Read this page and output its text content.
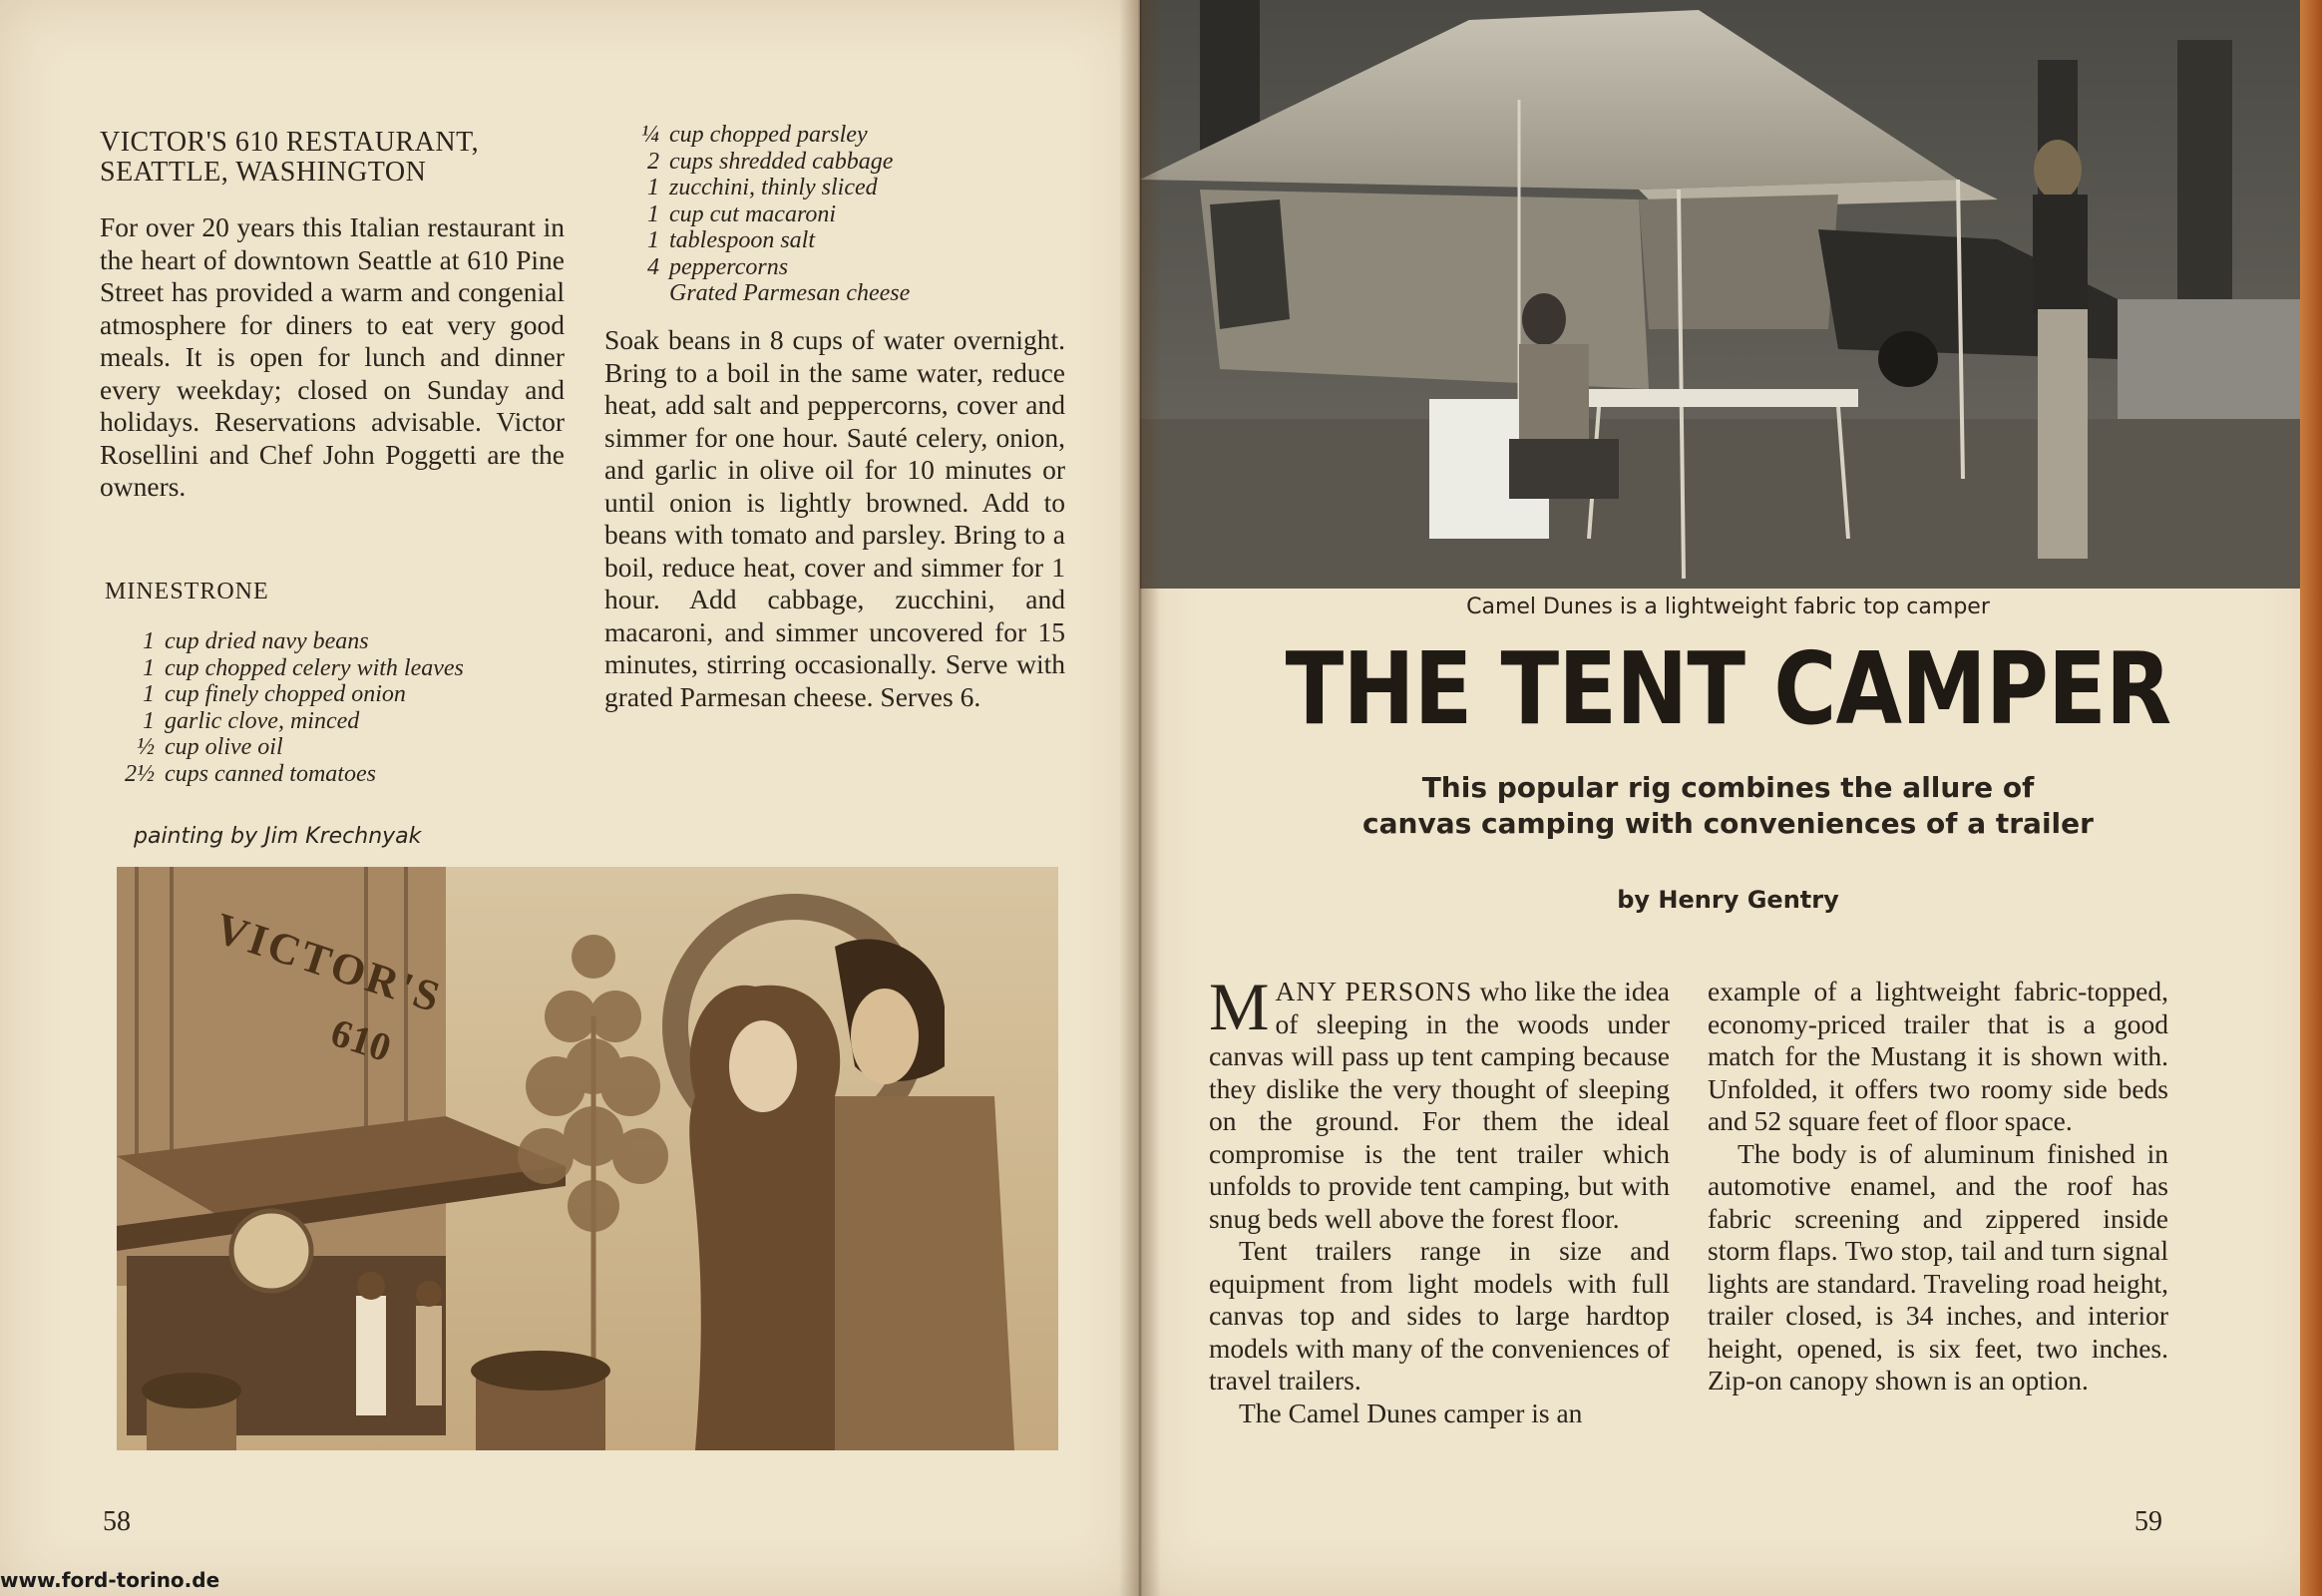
VICTOR'S 610 RESTAURANT,
SEATTLE, WASHINGTON
For over 20 years this Italian restaurant in the heart of downtown Seattle at 610 Pine Street has provided a warm and congenial atmosphere for diners to eat very good meals. It is open for lunch and dinner every weekday; closed on Sunday and holidays. Reservations advisable. Victor Rosellini and Chef John Poggetti are the owners.
MINESTRONE
1 cup dried navy beans
1 cup chopped celery with leaves
1 cup finely chopped onion
1 garlic clove, minced
½ cup olive oil
2½ cups canned tomatoes
¼ cup chopped parsley
2 cups shredded cabbage
1 zucchini, thinly sliced
1 cup cut macaroni
1 tablespoon salt
4 peppercorns
Grated Parmesan cheese
Soak beans in 8 cups of water overnight. Bring to a boil in the same water, reduce heat, add salt and peppercorns, cover and simmer for one hour. Sauté celery, onion, and garlic in olive oil for 10 minutes or until onion is lightly browned. Add to beans with tomato and parsley. Bring to a boil, reduce heat, cover and simmer for 1 hour. Add cabbage, zucchini, and macaroni, and simmer uncovered for 15 minutes, stirring occasionally. Serve with grated Parmesan cheese. Serves 6.
painting by Jim Krechnyak
VICTOR'S
610
58
www.ford-torino.de
Camel Dunes is a lightweight fabric top camper
THE TENT CAMPER
This popular rig combines the allure of
canvas camping with conveniences of a trailer
by Henry Gentry

MANY PERSONS who like the idea of sleeping in the woods under canvas will pass up tent camping because they dislike the very thought of sleeping on the ground. For them the ideal compromise is the tent trailer which unfolds to provide tent camping, but with snug beds well above the forest floor.

Tent trailers range in size and equipment from light models with full canvas top and sides to large hardtop models with many of the conveniences of travel trailers.

The Camel Dunes camper is an

example of a lightweight fabric-topped, economy-priced trailer that is a good match for the Mustang it is shown with. Unfolded, it offers two roomy side beds and 52 square feet of floor space.

The body is of aluminum finished in automotive enamel, and the roof has fabric screening and zippered inside storm flaps. Two stop, tail and turn signal lights are standard. Traveling road height, trailer closed, is 34 inches, and interior height, opened, is six feet, two inches. Zip-on canopy shown is an option.

59
